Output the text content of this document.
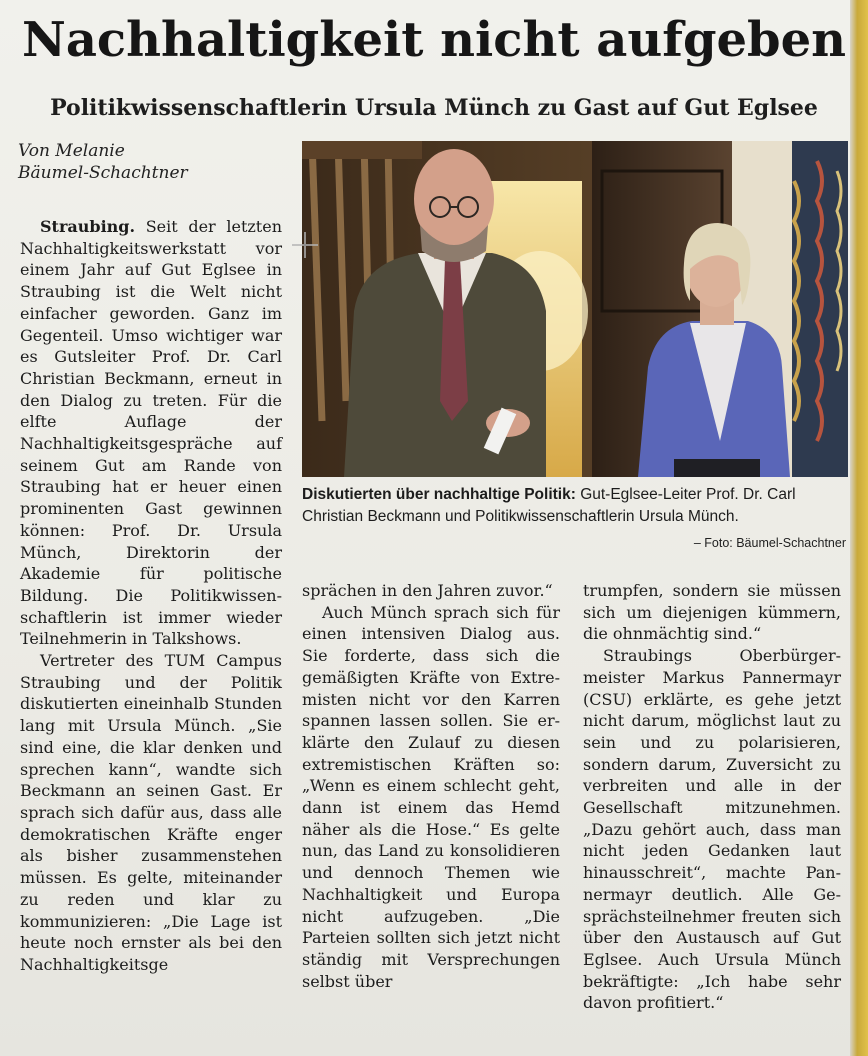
Nachhaltigkeit nicht aufgeben
Politikwissenschaftlerin Ursula Münch zu Gast auf Gut Eglsee
Von Melanie
Bäumel-Schachtner

Straubing. Seit der letzten Nachhaltigkeitswerkstatt vor einem Jahr auf Gut Eglsee in Straubing ist die Welt nicht einfacher geworden. Ganz im Gegenteil. Umso wichtiger war es Gutsleiter Prof. Dr. Carl Christian Beckmann, erneut in den Dialog zu treten. Für die elfte Auflage der Nachhaltigkeitsgespräche auf seinem Gut am Rande von Straubing hat er heuer einen prominenten Gast gewinnen können: Prof. Dr. Ursula Münch, Direktorin der Akademie für politische Bildung. Die Politikwissenschaftlerin ist immer wieder Teilnehmerin in Talkshows.

Vertreter des TUM Campus Straubing und der Politik diskutierten eineinhalb Stunden lang mit Ursula Münch. „Sie sind eine, die klar denken und sprechen kann“, wandte sich Beckmann an seinen Gast. Er sprach sich dafür aus, dass alle demokratischen Kräfte enger als bisher zusammenstehen müssen. Es gelte, miteinander zu reden und klar zu kommunizieren: „Die Lage ist heute noch ernster als bei den Nachhaltigkeitsge

Diskutierten über nachhaltige Politik: Gut-Eglsee-Leiter Prof. Dr. Carl Christian Beckmann und Politikwissenschaftlerin Ursula Münch.
– Foto: Bäumel-Schachtner

sprächen in den Jahren zuvor.“

Auch Münch sprach sich für einen intensiven Dialog aus. Sie forderte, dass sich die gemäßigten Kräfte von Extremisten nicht vor den Karren spannen lassen sollen. Sie erklärte den Zulauf zu diesen extremistischen Kräften so: „Wenn es einem schlecht geht, dann ist einem das Hemd näher als die Hose.“ Es gelte nun, das Land zu konsolidieren und dennoch Themen wie Nachhaltigkeit und Europa nicht aufzugeben. „Die Parteien sollten sich jetzt nicht ständig mit Versprechungen selbst über

trumpfen, sondern sie müssen sich um diejenigen kümmern, die ohnmächtig sind.“

Straubings Oberbürgermeister Markus Pannermayr (CSU) erklärte, es gehe jetzt nicht darum, möglichst laut zu sein und zu polarisieren, sondern darum, Zuversicht zu verbreiten und alle in der Gesellschaft mitzunehmen. „Dazu gehört auch, dass man nicht jeden Gedanken laut hinausschreit“, machte Pannermayr deutlich. Alle Gesprächsteilnehmer freuten sich über den Austausch auf Gut Eglsee. Auch Ursula Münch bekräftigte: „Ich habe sehr davon profitiert.“
